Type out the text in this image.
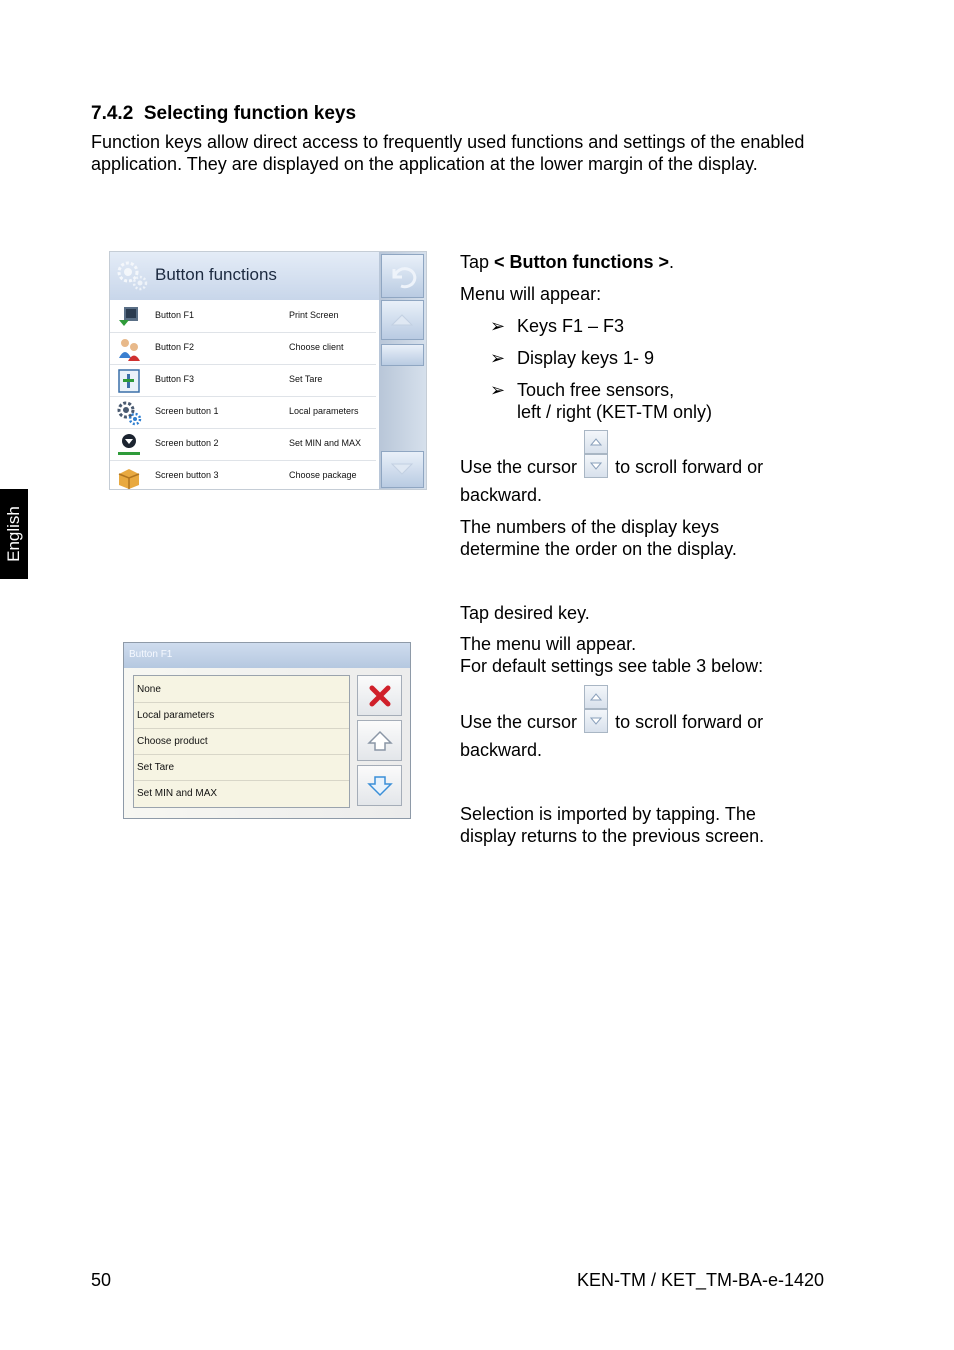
7.4.2 Selecting function keys
Function keys allow direct access to frequently used functions and settings of the enabled application. They are displayed on the application at the lower margin of the display.
English
Button functions
Button F1	Print Screen
Button F2	Choose client
Button F3	Set Tare
Screen button 1	Local parameters
Screen button 2	Set MIN and MAX
Screen button 3	Choose package
Tap < Button functions >.
Menu will appear:
➢ Keys F1 – F3
➢ Display keys 1- 9
➢ Touch free sensors,
left / right (KET-TM only)
Use the cursor to scroll forward or
backward.
The numbers of the display keys
determine the order on the display.
Button F1
None
Local parameters
Choose product
Set Tare
Set MIN and MAX
Tap desired key.
The menu will appear.
For default settings see table 3 below:
Use the cursor to scroll forward or
backward.
Selection is imported by tapping. The
display returns to the previous screen.
50	KEN-TM / KET_TM-BA-e-1420
